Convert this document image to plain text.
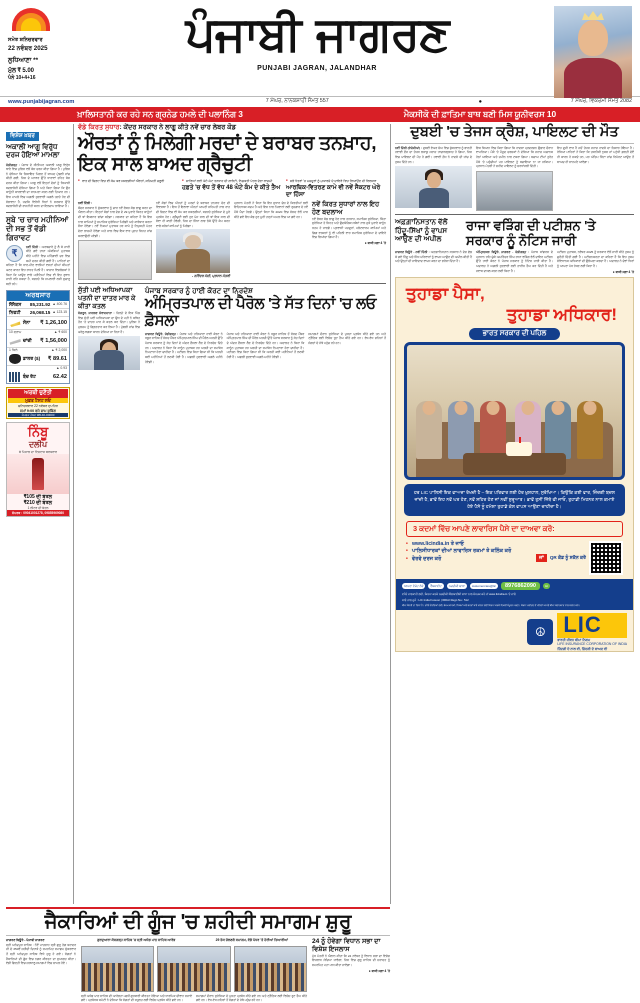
ਸਮੇਤ ਸ਼ਨਿਚਰਵਾਰ
22 ਨਵੰਬਰ 2025
ਲੁਧਿਆਣਾ **
ਮੁੱਲ ₹ 5.00
ਪੰਨੇ 10+4+16
ਪੰਜਾਬੀ ਜਾਗਰਣ
PUNJABI JAGRAN, JALANDHAR
www.punjabijagran.com	7 ਮੱਘਰ, ਨਾਨਕਸ਼ਾਹੀ ਸੰਮਤ 557	●	7 ਮੱਘਰ, ਵਿਕਰਮੀ ਸੰਮਤ 2082
ਖ਼ਾਲਿਸਤਾਨੀ ਕਰ ਰਹੇ ਸਨ ਗ੍ਰਨੇਡ ਹਮਲੇ ਦੀ ਪਲਾਨਿੰਗ 3	ਮੈਕਸੀਕੋ ਦੀ ਫ਼ਾਤਿਮਾ ਬਾਥ ਬਣੀ ਮਿਸ ਯੂਨੀਵਰਸ 10
ਵਿਸ਼ੇਸ਼ ਖ਼ਬਰ
ਅਕਾਲੀ ਆਗੂ ਵਿਰੁੱਧ ਦਰਜ ਹੋਇਆ ਮਾਮਲਾ
ਚੰਡੀਗੜ੍ਹ : ਪੰਜਾਬ ਦੇ ਸੀਨੀਅਰ ਅਕਾਲੀ ਆਗੂ ਵਿਰੁੱਧ ਥਾਣੇ ਵਿਚ ਪੁਲਿਸ ਵਲੋਂ ਕੇਸ ਦਰਜ ਕੀਤਾ ਗਿਆ ਹੈ। ਪੁਲਿਸ ਨੇ ਦੱਸਿਆ ਕਿ ਸ਼ਿਕਾਇਤ ਮਿਲਣ ਤੋਂ ਬਾਅਦ ਮੁੱਢਲੀ ਜਾਂਚ ਕੀਤੀ ਗਈ, ਜਿਸ ਦੇ ਆਧਾਰ ਉੱਤੇ ਧਾਰਾਵਾਂ ਤਹਿਤ ਕੇਸ ਦਰਜ ਕੀਤਾ ਗਿਆ। ਆਗੂ ਵਲੋਂ ਇਨ੍ਹਾਂ ਦੋਸ਼ਾਂ ਨੂੰ ਸਿਆਸੀ ਬਦਲਾਖ਼ੋਰੀ ਦੱਸਿਆ ਗਿਆ ਹੈ ਅਤੇ ਕਿਹਾ ਗਿਆ ਕਿ ਉਹ ਕਾਨੂੰਨੀ ਕਾਰਵਾਈ ਦਾ ਸਾਹਮਣਾ ਕਰਨ ਲਈ ਤਿਆਰ ਹਨ। ਇਸ ਮਾਮਲੇ ਵਿਚ ਅਗਲੀ ਸੁਣਵਾਈ ਅਗਲੇ ਹਫ਼ਤੇ ਹੋਣ ਦੀ ਸੰਭਾਵਨਾ ਹੈ, ਜਦਕਿ ਵਿਰੋਧੀ ਧਿਰਾਂ ਨੇ ਸਰਕਾਰ ਉੱਤੇ ਬਦਲਾਖ਼ੋਰੀ ਦੀ ਰਾਜਨੀਤੀ ਕਰਨ ਦਾ ਇਲਜ਼ਾਮ ਲਾਇਆ ਹੈ।
ਸੂਬੇ 'ਚ ਚਾਰ ਮਹੀਨਿਆਂ ਦੀ ਸਭ ਤੋਂ ਵੱਡੀ ਗਿਰਾਵਟ
₹
ਨਵੀਂ ਦਿੱਲੀ : ਅਰਥਚਾਰੇ ਨੂੰ ਲੈ ਕੇ ਜਾਰੀ ਕੀਤੇ ਗਏ ਤਾਜ਼ਾ ਅੰਕੜਿਆਂ ਮੁਤਾਬਕ ਬੀਤੇ ਮਹੀਨੇ ਵਿਚ ਮਹਿੰਗਾਈ ਦਰ ਵਿਚ ਕਮੀ ਦਰਜ ਕੀਤੀ ਗਈ ਹੈ। ਮਾਹਿਰਾਂ ਦਾ ਕਹਿਣਾ ਹੈ ਕਿ ਖਾਣ-ਪੀਣ ਵਾਲੀਆਂ ਵਸਤਾਂ ਦੀਆਂ ਕੀਮਤਾਂ ਘਟਣ ਕਾਰਨ ਇਹ ਰਾਹਤ ਮਿਲੀ ਹੈ। ਬਾਜ਼ਾਰ ਵਿਸ਼ਲੇਸ਼ਕਾਂ ਨੇ ਕਿਹਾ ਕਿ ਆਉਣ ਵਾਲੇ ਮਹੀਨਿਆਂ ਵਿਚ ਵੀ ਇਹ ਰੁਝਾਨ ਜਾਰੀ ਰਹਿ ਸਕਦਾ ਹੈ, ਬਸ਼ਰਤੇ ਕਿ ਸਪਲਾਈ ਲੜੀ ਸੁਚਾਰੂ ਬਣੀ ਰਹੇ।
ਅਰਥਸਾਰ
ਸੈਂਸੈਕਸ 85,231.92 ▲ 400.76
ਨਿਫਟੀ 26,068.15 ▲ 123.15
ਸੋਨਾ ₹ 1,26,100
10 ਗ੍ਰਾਮ	▲ ₹ 600
ਚਾਂਦੀ ₹ 1,56,000
1 ਕਿਲੋ	▲ ₹ 2,000
ਡਾਲਰ ($) ₹ 89.61
▲ 0.93
ਬੰਦ ਰੇਟ	62.42
ਅਰਥੀ ਚੁਣੌਤੀ
ਮੁਫ਼ਤ ਟੈਸਟ ਲਓ
ਸ਼ਨਿਚਰਵਾਰ 22 ਨਵੰਬਰ ਦੁਪਹਿਰ
ਸਮਾਂ 9:00 ਵਜੇ ਸ਼ਾਮ ਬੁਕਿੰਗ
ਸੰਪਰਕ ਨੰਬਰ 98140-00000
ਨਿੰਬੂ
ਦਲੀਪ
ਬੇ ਮਿਸਾਲ ਦਾ ਵਿਸ਼ਵਾਸ ਬਰਕਰਾਰ
₹105 ਦੀ ਬੋਤਲ
₹210 ਦੀ ਬੋਤਲ
1 ਲੀਟਰ ਦੀ ਬੋਤਲ
ਸੰਪਰਕ : 09041001278, 09855969080
ਵੱਡੇ ਕਿਰਤ ਸੁਧਾਰ: ਕੇਂਦਰ ਸਰਕਾਰ ਨੇ ਲਾਗੂ ਕੀਤੇ ਨਵੇਂ ਚਾਰ ਲੇਬਰ ਕੋਡ
ਔਰਤਾਂ ਨੂੰ ਮਿਲੇਗੀ ਮਰਦਾਂ ਦੇ ਬਰਾਬਰ ਤਨਖ਼ਾਹ, ਇਕ ਸਾਲ ਬਾਅਦ ਗ੍ਰੈਚੁਟੀ
■ ਰਾਤ ਦੀ ਸ਼ਿਫ਼ਟ ਵਿਚ ਵੀ ਕੰਮ ਕਰ ਸਕਣਗੀਆਂ ਔਰਤਾਂ, ਸਹਿਮਤੀ ਜ਼ਰੂਰੀ	■ ਸਾਰਿਆਂ ਲਈ ਘੱਟੋ-ਘੱਟ ਤਨਖ਼ਾਹ ਦੀ ਗਾਰੰਟੀ, ਨਿਯੁਕਤੀ ਪੱਤਰ ਦੇਣਾ ਲਾਜ਼ਮੀ	■ ਸਭੇ ਖੇਤਰਾਂ 'ਚ ਮਜ਼ਦੂਰਾਂ ਨੂੰ ਮੁਆਵਜ਼ੇ ਦੇ ਦਾਇਰੇ ਵਿਚ ਲਿਆਉਣ ਦੀ ਵਿਵਸਥਾ
ਹਫ਼ਤੇ 'ਚ ਵੱਧ ਤੋਂ ਵੱਧ 48 ਘੰਟੇ ਕੰਮ ਦੇ ਕੀਤੇ ਤੈਅ ਆਰਥਿਕ-ਵਿਤਰਣ ਕਾਮੇ ਵੀ ਨਵੇਂ ਸੈਕਟਰ ਘੇਰੇ ਦਾ ਹਿੱਸਾ
ਨਵੀਂ ਦਿੱਲੀ :
ਕੇਂਦਰ ਸਰਕਾਰ ਨੇ ਸ਼ੁੱਕਰਵਾਰ ਨੂੰ ਚਾਰ ਨਵੇਂ ਲੇਬਰ ਕੋਡ ਲਾਗੂ ਕਰਨ ਦਾ ਐਲਾਨ ਕੀਤਾ। ਇਨ੍ਹਾਂ ਕੋਡਾਂ ਨਾਲ ਦੇਸ਼ ਦੇ 29 ਪੁਰਾਣੇ ਕਿਰਤ ਕਾਨੂੰਨਾਂ ਦੀ ਥਾਂ ਇਕਸਾਰ ਢਾਂਚਾ ਬਣੇਗਾ। ਸਰਕਾਰ ਦਾ ਕਹਿਣਾ ਹੈ ਕਿ ਇਸ ਨਾਲ ਕਾਮਿਆਂ ਨੂੰ ਸਮਾਜਿਕ ਸੁਰੱਖਿਆ ਮਿਲੇਗੀ ਅਤੇ ਕਾਰੋਬਾਰ ਕਰਨਾ ਸੌਖਾ ਹੋਵੇਗਾ। ਨਵੇਂ ਨਿਯਮਾਂ ਮੁਤਾਬਕ ਹਰ ਕਾਮੇ ਨੂੰ ਨਿਯੁਕਤੀ ਪੱਤਰ ਦੇਣਾ ਲਾਜ਼ਮੀ ਹੋਵੇਗਾ ਅਤੇ ਸਾਲ ਵਿਚ ਇਕ ਵਾਰ ਮੁਫ਼ਤ ਸਿਹਤ ਜਾਂਚ ਕਰਵਾਉਣੀ ਪਵੇਗੀ।
ਨਵੇਂ ਕੋਡਾਂ ਵਿਚ ਔਰਤਾਂ ਨੂੰ ਮਰਦਾਂ ਦੇ ਬਰਾਬਰ ਤਨਖ਼ਾਹ ਦੇਣ ਦੀ ਵਿਵਸਥਾ ਹੈ। ਇਸ ਤੋਂ ਇਲਾਵਾ ਔਰਤਾਂ ਆਪਣੀ ਸਹਿਮਤੀ ਨਾਲ ਰਾਤ ਦੀ ਸ਼ਿਫ਼ਟ ਵਿਚ ਵੀ ਕੰਮ ਕਰ ਸਕਣਗੀਆਂ, ਬਸ਼ਰਤੇ ਸੁਰੱਖਿਆ ਦੇ ਪੂਰੇ ਪ੍ਰਬੰਧ ਹੋਣ। ਗ੍ਰੈਚੁਟੀ ਲਈ ਹੁਣ ਪੰਜ ਸਾਲ ਦੀ ਥਾਂ ਇਕ ਸਾਲ ਦੀ ਸੇਵਾ ਹੀ ਕਾਫ਼ੀ ਹੋਵੇਗੀ, ਜਿਸ ਦਾ ਸਿੱਧਾ ਲਾਭ ਠੇਕੇ ਉੱਤੇ ਕੰਮ ਕਰਨ ਵਾਲੇ ਕਰੋੜਾਂ ਕਾਮਿਆਂ ਨੂੰ ਮਿਲੇਗਾ।
- ਨਰਿੰਦਰ ਮੋਦੀ, ਪ੍ਰਧਾਨ ਮੰਤਰੀ
ਪ੍ਰਧਾਨ ਮੰਤਰੀ ਨੇ ਕਿਹਾ ਕਿ ਇਹ ਸੁਧਾਰ ਦੇਸ਼ ਦੇ ਕਿਰਤੀਆਂ ਲਈ ਇਤਿਹਾਸਕ ਕਦਮ ਹੈ ਅਤੇ ਇਸ ਨਾਲ ਨੌਜਵਾਨਾਂ ਲਈ ਰੁਜ਼ਗਾਰ ਦੇ ਨਵੇਂ ਮੌਕੇ ਪੈਦਾ ਹੋਣਗੇ। ਉਨ੍ਹਾਂ ਕਿਹਾ ਕਿ 2020 ਵਿਚ ਸੰਸਦ ਵੱਲੋਂ ਪਾਸ ਕੀਤੇ ਗਏ ਇਹ ਕੋਡ ਹੁਣ ਪੂਰੀ ਤਰ੍ਹਾਂ ਅਮਲ ਵਿਚ ਆ ਗਏ ਹਨ।
ਨਵੇਂ ਕਿਰਤ ਸੁਧਾਰਾਂ ਨਾਲ ਇਹ ਹੋਣ ਬਦਲਾਅ
ਨਵੇਂ ਲੇਬਰ ਕੋਡ ਲਾਗੂ ਹੋਣ ਨਾਲ ਤਨਖ਼ਾਹ, ਸਮਾਜਿਕ ਸੁਰੱਖਿਆ, ਕਿੱਤਾ ਸੁਰੱਖਿਆ ਤੇ ਸਿਹਤ ਅਤੇ ਉਦਯੋਗਿਕ ਸਬੰਧਾਂ ਨਾਲ ਜੁੜੇ ਪੁਰਾਣੇ ਕਾਨੂੰਨ ਖ਼ਤਮ ਹੋ ਜਾਣਗੇ। ਪ੍ਰਵਾਸੀ ਮਜ਼ਦੂਰਾਂ, ਪਲੇਟਫਾਰਮ ਕਾਮਿਆਂ ਅਤੇ ਗਿਗ ਵਰਕਰਾਂ ਨੂੰ ਵੀ ਪਹਿਲੀ ਵਾਰ ਸਮਾਜਿਕ ਸੁਰੱਖਿਆ ਦੇ ਦਾਇਰੇ ਵਿਚ ਲਿਆਂਦਾ ਗਿਆ ਹੈ।
● ਬਾਕੀ ਸਫ਼ਾ 4 'ਤੇ
ਸੁੱਤੀ ਪਈ ਅਧਿਆਪਕਾ ਪਤਨੀ ਦਾ ਦਾਤਰ ਮਾਰ ਕੇ ਕੀਤਾ ਕਤਲ
ਸੰਗਰੂਰ, ਜਾਗਰਣ ਸੰਵਾਦਦਾਤਾ : ਜ਼ਿਲ੍ਹੇ ਦੇ ਇਕ ਪਿੰਡ ਵਿਚ ਸੁੱਤੀ ਪਈ ਅਧਿਆਪਕਾ ਦਾ ਉਸ ਦੇ ਪਤੀ ਨੇ ਕਥਿਤ ਤੌਰ 'ਤੇ ਦਾਤਰ ਮਾਰ ਕੇ ਕਤਲ ਕਰ ਦਿੱਤਾ। ਪੁਲਿਸ ਨੇ ਮੁਲਜ਼ਮ ਨੂੰ ਗ੍ਰਿਫ਼ਤਾਰ ਕਰ ਲਿਆ ਹੈ। ਮੁੱਢਲੀ ਜਾਂਚ ਵਿਚ ਘਰੇਲੂ ਝਗੜਾ ਕਾਰਨ ਦੱਸਿਆ ਜਾ ਰਿਹਾ ਹੈ।
ਪੰਜਾਬ ਸਰਕਾਰ ਨੂੰ ਹਾਈ ਕੋਰਟ ਦਾ ਨਿਰਦੇਸ਼
ਅੰਮ੍ਰਿਤਪਾਲ ਦੀ ਪੈਰੋਲ 'ਤੇ ਸੱਤ ਦਿਨਾਂ 'ਚ ਲਓ ਫ਼ੈਸਲਾ
ਜਾਗਰਣ ਬਿਊਰੋ, ਚੰਡੀਗੜ੍ਹ : ਪੰਜਾਬ ਅਤੇ ਹਰਿਆਣਾ ਹਾਈ ਕੋਰਟ ਨੇ ਖਡੂਰ ਸਾਹਿਬ ਤੋਂ ਸੰਸਦ ਮੈਂਬਰ ਅੰਮ੍ਰਿਤਪਾਲ ਸਿੰਘ ਦੀ ਪੈਰੋਲ ਅਰਜ਼ੀ ਉੱਤੇ ਪੰਜਾਬ ਸਰਕਾਰ ਨੂੰ ਸੱਤ ਦਿਨਾਂ ਦੇ ਅੰਦਰ ਫ਼ੈਸਲਾ ਲੈਣ ਦੇ ਨਿਰਦੇਸ਼ ਦਿੱਤੇ ਹਨ। ਅਦਾਲਤ ਨੇ ਕਿਹਾ ਕਿ ਕਾਨੂੰਨ ਮੁਤਾਬਕ ਹਰ ਅਰਜ਼ੀ ਦਾ ਸਮਾਂਬੱਧ ਨਿਪਟਾਰਾ ਹੋਣਾ ਚਾਹੀਦਾ ਹੈ। ਪਟੀਸ਼ਨ ਵਿਚ ਕਿਹਾ ਗਿਆ ਸੀ ਕਿ ਅਰਜ਼ੀ ਕਈ ਮਹੀਨਿਆਂ ਤੋਂ ਲਟਕੀ ਹੋਈ ਹੈ। ਅਗਲੀ ਸੁਣਵਾਈ ਅਗਲੇ ਮਹੀਨੇ ਹੋਵੇਗੀ।
ਪੰਜਾਬ ਅਤੇ ਹਰਿਆਣਾ ਹਾਈ ਕੋਰਟ ਨੇ ਖਡੂਰ ਸਾਹਿਬ ਤੋਂ ਸੰਸਦ ਮੈਂਬਰ ਅੰਮ੍ਰਿਤਪਾਲ ਸਿੰਘ ਦੀ ਪੈਰੋਲ ਅਰਜ਼ੀ ਉੱਤੇ ਪੰਜਾਬ ਸਰਕਾਰ ਨੂੰ ਸੱਤ ਦਿਨਾਂ ਦੇ ਅੰਦਰ ਫ਼ੈਸਲਾ ਲੈਣ ਦੇ ਨਿਰਦੇਸ਼ ਦਿੱਤੇ ਹਨ। ਅਦਾਲਤ ਨੇ ਕਿਹਾ ਕਿ ਕਾਨੂੰਨ ਮੁਤਾਬਕ ਹਰ ਅਰਜ਼ੀ ਦਾ ਸਮਾਂਬੱਧ ਨਿਪਟਾਰਾ ਹੋਣਾ ਚਾਹੀਦਾ ਹੈ। ਪਟੀਸ਼ਨ ਵਿਚ ਕਿਹਾ ਗਿਆ ਸੀ ਕਿ ਅਰਜ਼ੀ ਕਈ ਮਹੀਨਿਆਂ ਤੋਂ ਲਟਕੀ ਹੋਈ ਹੈ। ਅਗਲੀ ਸੁਣਵਾਈ ਅਗਲੇ ਮਹੀਨੇ ਹੋਵੇਗੀ।
ਸਮਾਗਮਾਂ ਦੌਰਾਨ ਸੁਰੱਖਿਆ ਦੇ ਪੁਖ਼ਤਾ ਪ੍ਰਬੰਧ ਕੀਤੇ ਗਏ ਹਨ ਅਤੇ ਟ੍ਰੈਫ਼ਿਕ ਲਈ ਵਿਸ਼ੇਸ਼ ਰੂਟ ਤੈਅ ਕੀਤੇ ਗਏ ਹਨ। ਵੱਖ-ਵੱਖ ਸ਼ਹਿਰਾਂ ਤੋਂ ਸੰਗਤਾਂ ਦੇ ਜੱਥੇ ਪਹੁੰਚ ਰਹੇ ਹਨ।
ਦੁਬਈ 'ਚ ਤੇਜਸ ਕ੍ਰੈਸ਼, ਪਾਇਲਟ ਦੀ ਮੌਤ
ਨਵੀਂ ਦਿੱਲੀ (ਏਜੰਸੀਆਂ) : ਦੁਬਈ ਏਅਰ ਸ਼ੋਅ ਵਿਚ ਸ਼ੁੱਕਰਵਾਰ ਨੂੰ ਭਾਰਤੀ ਹਵਾਈ ਫ਼ੌਜ ਦਾ ਤੇਜਸ ਲੜਾਕੂ ਜਹਾਜ਼ ਹਾਦਸਾਗ੍ਰਸਤ ਹੋ ਗਿਆ, ਜਿਸ ਵਿਚ ਪਾਇਲਟ ਦੀ ਮੌਤ ਹੋ ਗਈ। ਹਵਾਈ ਫ਼ੌਜ ਨੇ ਹਾਦਸੇ ਦੀ ਜਾਂਚ ਦੇ ਹੁਕਮ ਦਿੱਤੇ ਹਨ।
ਇਕ ਬਿਆਨ ਵਿਚ ਕਿਹਾ ਗਿਆ ਕਿ ਹਾਦਸਾ ਪ੍ਰਦਰਸ਼ਨ ਉਡਾਣ ਦੌਰਾਨ ਵਾਪਰਿਆ। ਮੌਕੇ 'ਤੇ ਮੌਜੂਦ ਦਰਸ਼ਕਾਂ ਨੇ ਦੱਸਿਆ ਕਿ ਜਹਾਜ਼ ਅਚਾਨਕ ਹੇਠਾਂ ਆਇਆ ਅਤੇ ਜ਼ਮੀਨ ਨਾਲ ਟਕਰਾ ਗਿਆ। ਬਚਾਅ ਟੀਮਾਂ ਤੁਰੰਤ ਮੌਕੇ 'ਤੇ ਪਹੁੰਚੀਆਂ ਪਰ ਪਾਇਲਟ ਨੂੰ ਬਚਾਇਆ ਨਾ ਜਾ ਸਕਿਆ। ਪ੍ਰਧਾਨ ਮੰਤਰੀ ਨੇ ਸ਼ਹੀਦ ਪਾਇਲਟ ਨੂੰ ਸ਼ਰਧਾਂਜਲੀ ਦਿੱਤੀ।
ਇਹ ਦੂਜੀ ਵਾਰ ਹੈ ਜਦੋਂ ਤੇਜਸ ਜਹਾਜ਼ ਹਾਦਸੇ ਦਾ ਸ਼ਿਕਾਰ ਹੋਇਆ ਹੈ। ਰੱਖਿਆ ਮਾਹਿਰਾਂ ਨੇ ਕਿਹਾ ਕਿ ਤਕਨੀਕੀ ਨੁਕਸ ਜਾਂ ਮਨੁੱਖੀ ਗ਼ਲਤੀ ਦੋਵੇਂ ਹੀ ਕਾਰਨ ਹੋ ਸਕਦੇ ਹਨ, ਪਰ ਅੰਤਿਮ ਸਿੱਟਾ ਜਾਂਚ ਰਿਪੋਰਟ ਆਉਣ ਤੋਂ ਬਾਅਦ ਹੀ ਸਾਹਮਣੇ ਆਵੇਗਾ।
ਅਫ਼ਗ਼ਾਨਿਸਤਾਨ ਵੱਲੋਂ ਹਿੰਦੂ-ਸਿੱਖਾਂ ਨੂੰ ਵਾਪਸ ਆਉਣ ਦੀ ਅਪੀਲ
ਰਾਜਾ ਵੜਿੰਗ ਦੀ ਪਟੀਸ਼ਨ 'ਤੇ ਸਰਕਾਰ ਨੂੰ ਨੋਟਿਸ ਜਾਰੀ
ਜਾਗਰਣ ਬਿਊਰੋ - ਨਵੀਂ ਦਿੱਲੀ : ਅਫ਼ਗ਼ਾਨਿਸਤਾਨ ਸਰਕਾਰ ਨੇ ਦੇਸ਼ ਛੱਡ ਕੇ ਗਏ ਹਿੰਦੂ ਅਤੇ ਸਿੱਖ ਪਰਿਵਾਰਾਂ ਨੂੰ ਵਾਪਸ ਆਉਣ ਦੀ ਅਪੀਲ ਕੀਤੀ ਹੈ ਅਤੇ ਉਨ੍ਹਾਂ ਦੀ ਜਾਇਦਾਦ ਵਾਪਸ ਕਰਨ ਦਾ ਭਰੋਸਾ ਦਿੱਤਾ ਹੈ।
ਅੰਮ੍ਰਿਤਸਰ ਬਿਊਰੋ, ਜਾਗਰਣ - ਚੰਡੀਗੜ੍ਹ : ਪੰਜਾਬ ਕਾਂਗਰਸ ਦੇ ਪ੍ਰਧਾਨ ਰਹਿ ਚੁੱਕੇ ਅਮਰਿੰਦਰ ਸਿੰਘ ਰਾਜਾ ਵੜਿੰਗ ਵੱਲੋਂ ਦਾਇਰ ਪਟੀਸ਼ਨ ਉੱਤੇ ਹਾਈ ਕੋਰਟ ਨੇ ਪੰਜਾਬ ਸਰਕਾਰ ਨੂੰ ਨੋਟਿਸ ਜਾਰੀ ਕੀਤਾ ਹੈ। ਅਦਾਲਤ ਨੇ ਅਗਲੀ ਸੁਣਵਾਈ ਲਈ ਤਾਰੀਖ਼ ਤੈਅ ਕਰ ਦਿੱਤੀ ਹੈ ਅਤੇ ਜਵਾਬ ਦਾਖ਼ਲ ਕਰਨ ਲਈ ਕਿਹਾ ਹੈ।
ਪਟੀਸ਼ਨ ਮੁਤਾਬਕ, ਨਵੰਬਰ 2025 ਨੂੰ ਸਰਕਾਰ ਵੱਲੋਂ ਜਾਰੀ ਕੀਤੇ ਹੁਕਮ ਨੂੰ ਚੁਣੌਤੀ ਦਿੱਤੀ ਗਈ ਹੈ। ਪਟੀਸ਼ਨਕਰਤਾ ਦਾ ਕਹਿਣਾ ਹੈ ਕਿ ਇਹ ਹੁਕਮ ਸੰਵਿਧਾਨਕ ਅਧਿਕਾਰਾਂ ਦੀ ਉਲੰਘਣਾ ਕਰਦਾ ਹੈ। ਅਦਾਲਤ ਨੇ ਦੋਵਾਂ ਧਿਰਾਂ ਨੂੰ ਆਪਣਾ ਪੱਖ ਰੱਖਣ ਲਈ ਕਿਹਾ ਹੈ।
● ਬਾਕੀ ਸਫ਼ਾ 4 'ਤੇ
ਤੁਹਾਡਾ ਪੈਸਾ,
ਤੁਹਾਡਾ ਅਧਿਕਾਰ!
ਭਾਰਤ ਸਰਕਾਰ ਦੀ ਪਹਿਲ
ਹਰ LIC ਪਾਲਿਸੀ ਇਕ ਵਾਅਦਾ ਰੱਖਦੀ ਹੈ – ਇਕ ਪਰਿਵਾਰ ਲਈ ਹੋਰ ਖ਼ੁਸ਼ਹਾਲ, ਸੁਰੱਖਿਆ। ਕਿਉਂਕਿ ਕਈ ਵਾਰ, ਜ਼ਿੰਦਗੀ ਬਦਲ ਜਾਂਦੀ ਹੈ, ਭਾਵੇਂ ਇਹ ਨਵੇਂ ਘਰ ਹੋਣ, ਨਵੇਂ ਸ਼ਹਿਰ ਹੋਣ ਜਾਂ ਨਵੀਂ ਸ਼ੁਰੂਆਤ। ਭਾਵੇਂ ਤੁਸੀਂ ਜਿੱਥੇ ਵੀ ਜਾਓ, ਤੁਹਾਡੀ ਮਿਹਨਤ ਨਾਲ ਕਮਾਏ ਹੋਏ ਪੈਸੇ ਨੂੰ ਹਮੇਸ਼ਾ ਤੁਹਾਡੇ ਕੋਲ ਵਾਪਸ ਆਉਣਾ ਚਾਹੀਦਾ ਹੈ।
3 ਕਦਮਾਂ ਵਿੱਚ ਆਪਣੇ ਲਾਵਾਰਿਸ ਪੈਸੇ ਦਾ ਦਾਅਵਾ ਕਰੋ:
• www.licindia.in ਤੇ ਜਾਓ
• ਪਾਲਿਸੀਧਾਰਕਾਂ ਦੀਆਂ ਲਾਵਾਰਿਸ ਰਕਮਾਂ ਤੇ ਕਲਿੱਕ ਕਰੋ
• ਵੇਰਵੇ ਦਰਜ ਕਰੋ	ਜਾਂ	QR ਕੋਡ ਨੂੰ ਸਕੈਨ ਕਰੋ
ਆਪਣਾ ਏਜੰਟ ਲੱਭੋ	ਵੈੱਬਸਾਈਟ	ਨਜ਼ਦੀਕੀ ਸ਼ਾਖਾ	customercare@lic	8976862090	Hi
ਵਧੇਰੇ ਜਾਣਕਾਰੀ ਲਈ, ਕਿਰਪਾ ਕਰਕੇ ਨਜ਼ਦੀਕੀ ਐੱਲਆਈਸੀ ਸ਼ਾਖਾ ਨਾਲ ਸੰਪਰਕ ਕਰੋ ਜਾਂ www.licindia.in 'ਤੇ ਜਾਓ
ਸਾਡੇ ਨਾਲ ਜੁੜੋ : LIC India Forever | IRDAI Regn No.: 512
ਬੀਮਾ ਬੇਨਤੀ ਦਾ ਵਿਸ਼ਾ ਹੈ। ਵਧੇਰੇ ਵੇਰਵਿਆਂ ਲਈ, ਜੋਖਮ ਕਾਰਕਾਂ, ਨਿਯਮਾਂ ਅਤੇ ਸ਼ਰਤਾਂ ਬਾਰੇ ਜਾਣਨ ਲਈ ਕਿਰਪਾ ਕਰਕੇ ਵਿਕਰੀ ਸੰਪੂਰਨ ਪੜ੍ਹੋ। ਯੋਜਨਾ ਖ਼ਰੀਦਣ ਤੋਂ ਪਹਿਲਾਂ ਆਪਣੇ ਬੀਮਾ ਸਲਾਹਕਾਰ ਨਾਲ ਸਲਾਹ ਕਰੋ।
☮ LIC
ਭਾਰਤੀ ਜੀਵਨ ਬੀਮਾ ਨਿਗਮ
LIFE INSURANCE CORPORATION OF INDIA
ਜ਼ਿੰਦਗੀ ਦੇ ਨਾਲ ਵੀ, ਜ਼ਿੰਦਗੀ ਦੇ ਬਾਅਦ ਵੀ
ਜੈਕਾਰਿਆਂ ਦੀ ਗੂੰਜ 'ਚ ਸ਼ਹੀਦੀ ਸਮਾਗਮ ਸ਼ੁਰੂ
ਜਾਗਰਣ ਬਿਊਰੋ - ਪੰਜਾਬੀ ਜਾਗਰਣ
ਸ੍ਰੀ ਅਨੰਦਪੁਰ ਸਾਹਿਬ : ਨੌਵੇਂ ਪਾਤਸ਼ਾਹ ਸ੍ਰੀ ਗੁਰੂ ਤੇਗ ਬਹਾਦਰ ਜੀ ਦੇ 350ਵੇਂ ਸ਼ਹੀਦੀ ਦਿਹਾੜੇ ਨੂੰ ਸਮਰਪਿਤ ਸਮਾਗਮ ਸ਼ੁੱਕਰਵਾਰ ਤੋਂ ਸ੍ਰੀ ਅਨੰਦਪੁਰ ਸਾਹਿਬ ਵਿਖੇ ਸ਼ੁਰੂ ਹੋ ਗਏ। ਸੰਗਤਾਂ ਨੇ ਜੈਕਾਰਿਆਂ ਦੀ ਗੂੰਜ ਵਿਚ ਨਗਰ ਕੀਰਤਨ ਦਾ ਸੁਆਗਤ ਕੀਤਾ। ਵੱਡੀ ਗਿਣਤੀ ਵਿਚ ਸ਼ਰਧਾਲੂ ਸਮਾਗਮਾਂ ਵਿਚ ਸ਼ਾਮਲ ਹੋਏ।
ਗੁਰਦੁਆਰਾ ਕੇਸਗੜ੍ਹ ਸਾਹਿਬ 'ਚ ਸ੍ਰੀ ਅਖੰਡ ਪਾਠ ਸਾਹਿਬ ਆਰੰਭ	29 ਤੱਕ ਚੱਲਣਗੇ ਸਮਾਗਮ, ਵੱਡੇ ਪੱਧਰ 'ਤੇ ਹੋਈਆਂ ਤਿਆਰੀਆਂ
ਸ੍ਰੀ ਅਖੰਡ ਪਾਠ ਸਾਹਿਬ ਦੀ ਆਰੰਭਤਾ ਮਗਰੋਂ ਗੁਰਬਾਣੀ ਕੀਰਤਨ ਹੋਇਆ ਅਤੇ ਧਾਰਮਿਕ ਦੀਵਾਨ ਸਜਾਏ ਗਏ। ਪ੍ਰਬੰਧਕ ਕਮੇਟੀ ਨੇ ਦੱਸਿਆ ਕਿ ਸੰਗਤਾਂ ਦੀ ਸਹੂਲਤ ਲਈ ਵਿਸ਼ੇਸ਼ ਪ੍ਰਬੰਧ ਕੀਤੇ ਗਏ ਹਨ।
ਸਮਾਗਮਾਂ ਦੌਰਾਨ ਸੁਰੱਖਿਆ ਦੇ ਪੁਖ਼ਤਾ ਪ੍ਰਬੰਧ ਕੀਤੇ ਗਏ ਹਨ ਅਤੇ ਟ੍ਰੈਫ਼ਿਕ ਲਈ ਵਿਸ਼ੇਸ਼ ਰੂਟ ਤੈਅ ਕੀਤੇ ਗਏ ਹਨ। ਵੱਖ-ਵੱਖ ਸ਼ਹਿਰਾਂ ਤੋਂ ਸੰਗਤਾਂ ਦੇ ਜੱਥੇ ਪਹੁੰਚ ਰਹੇ ਹਨ।
24 ਨੂੰ ਹੋਵੇਗਾ ਵਿਧਾਨ ਸਭਾ ਦਾ ਵਿਸ਼ੇਸ਼ ਇਜਲਾਸ
ਮੁੱਖ ਮੰਤਰੀ ਨੇ ਐਲਾਨ ਕੀਤਾ ਕਿ 24 ਨਵੰਬਰ ਨੂੰ ਵਿਧਾਨ ਸਭਾ ਦਾ ਵਿਸ਼ੇਸ਼ ਇਜਲਾਸ ਸੱਦਿਆ ਜਾਵੇਗਾ, ਜਿਸ ਵਿਚ ਗੁਰੂ ਸਾਹਿਬ ਦੀ ਸ਼ਹਾਦਤ ਨੂੰ ਸਮਰਪਿਤ ਮਤਾ ਪਾਸ ਕੀਤਾ ਜਾਵੇਗਾ।
● ਬਾਕੀ ਸਫ਼ਾ 4 'ਤੇ
